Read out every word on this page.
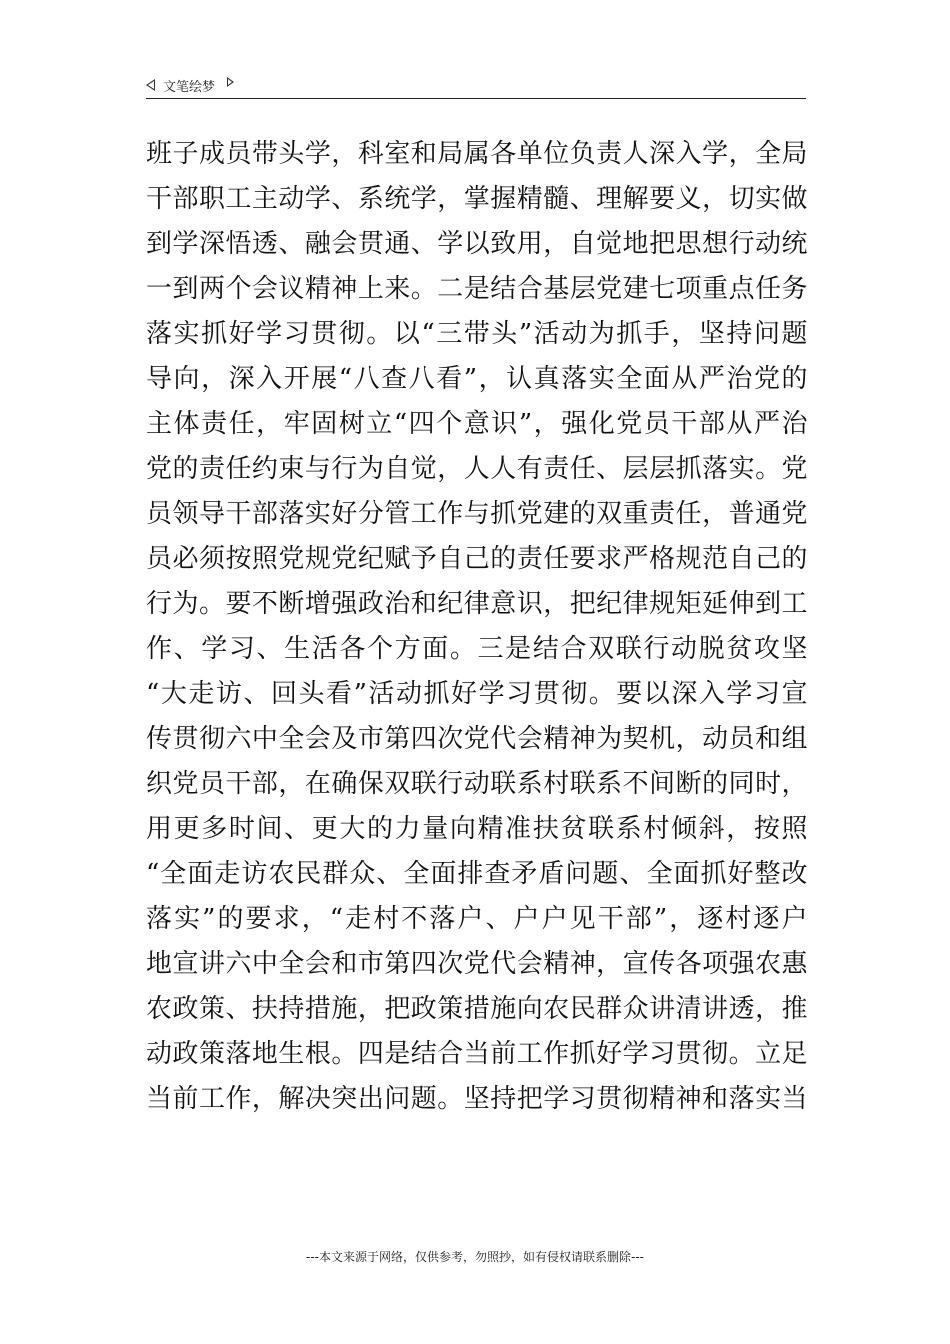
文笔绘梦
班子成员带头学，科室和局属各单位负责人深入学，全局
干部职工主动学、系统学，掌握精髓、理解要义，切实做
到学深悟透、融会贯通、学以致用，自觉地把思想行动统
一到两个会议精神上来。二是结合基层党建七项重点任务
落实抓好学习贯彻。以“三带头”活动为抓手，坚持问题
导向，深入开展“八查八看”，认真落实全面从严治党的
主体责任，牢固树立“四个意识”，强化党员干部从严治
党的责任约束与行为自觉，人人有责任、层层抓落实。党
员领导干部落实好分管工作与抓党建的双重责任，普通党
员必须按照党规党纪赋予自己的责任要求严格规范自己的
行为。要不断增强政治和纪律意识，把纪律规矩延伸到工
作、学习、生活各个方面。三是结合双联行动脱贫攻坚
“大走访、回头看”活动抓好学习贯彻。要以深入学习宣
传贯彻六中全会及市第四次党代会精神为契机，动员和组
织党员干部，在确保双联行动联系村联系不间断的同时，
用更多时间、更大的力量向精准扶贫联系村倾斜，按照
“全面走访农民群众、全面排查矛盾问题、全面抓好整改
落实”的要求，“走村不落户、户户见干部”，逐村逐户
地宣讲六中全会和市第四次党代会精神，宣传各项强农惠
农政策、扶持措施，把政策措施向农民群众讲清讲透，推
动政策落地生根。四是结合当前工作抓好学习贯彻。立足
当前工作，解决突出问题。坚持把学习贯彻精神和落实当
---本文来源于网络，仅供参考，勿照抄，如有侵权请联系删除---
